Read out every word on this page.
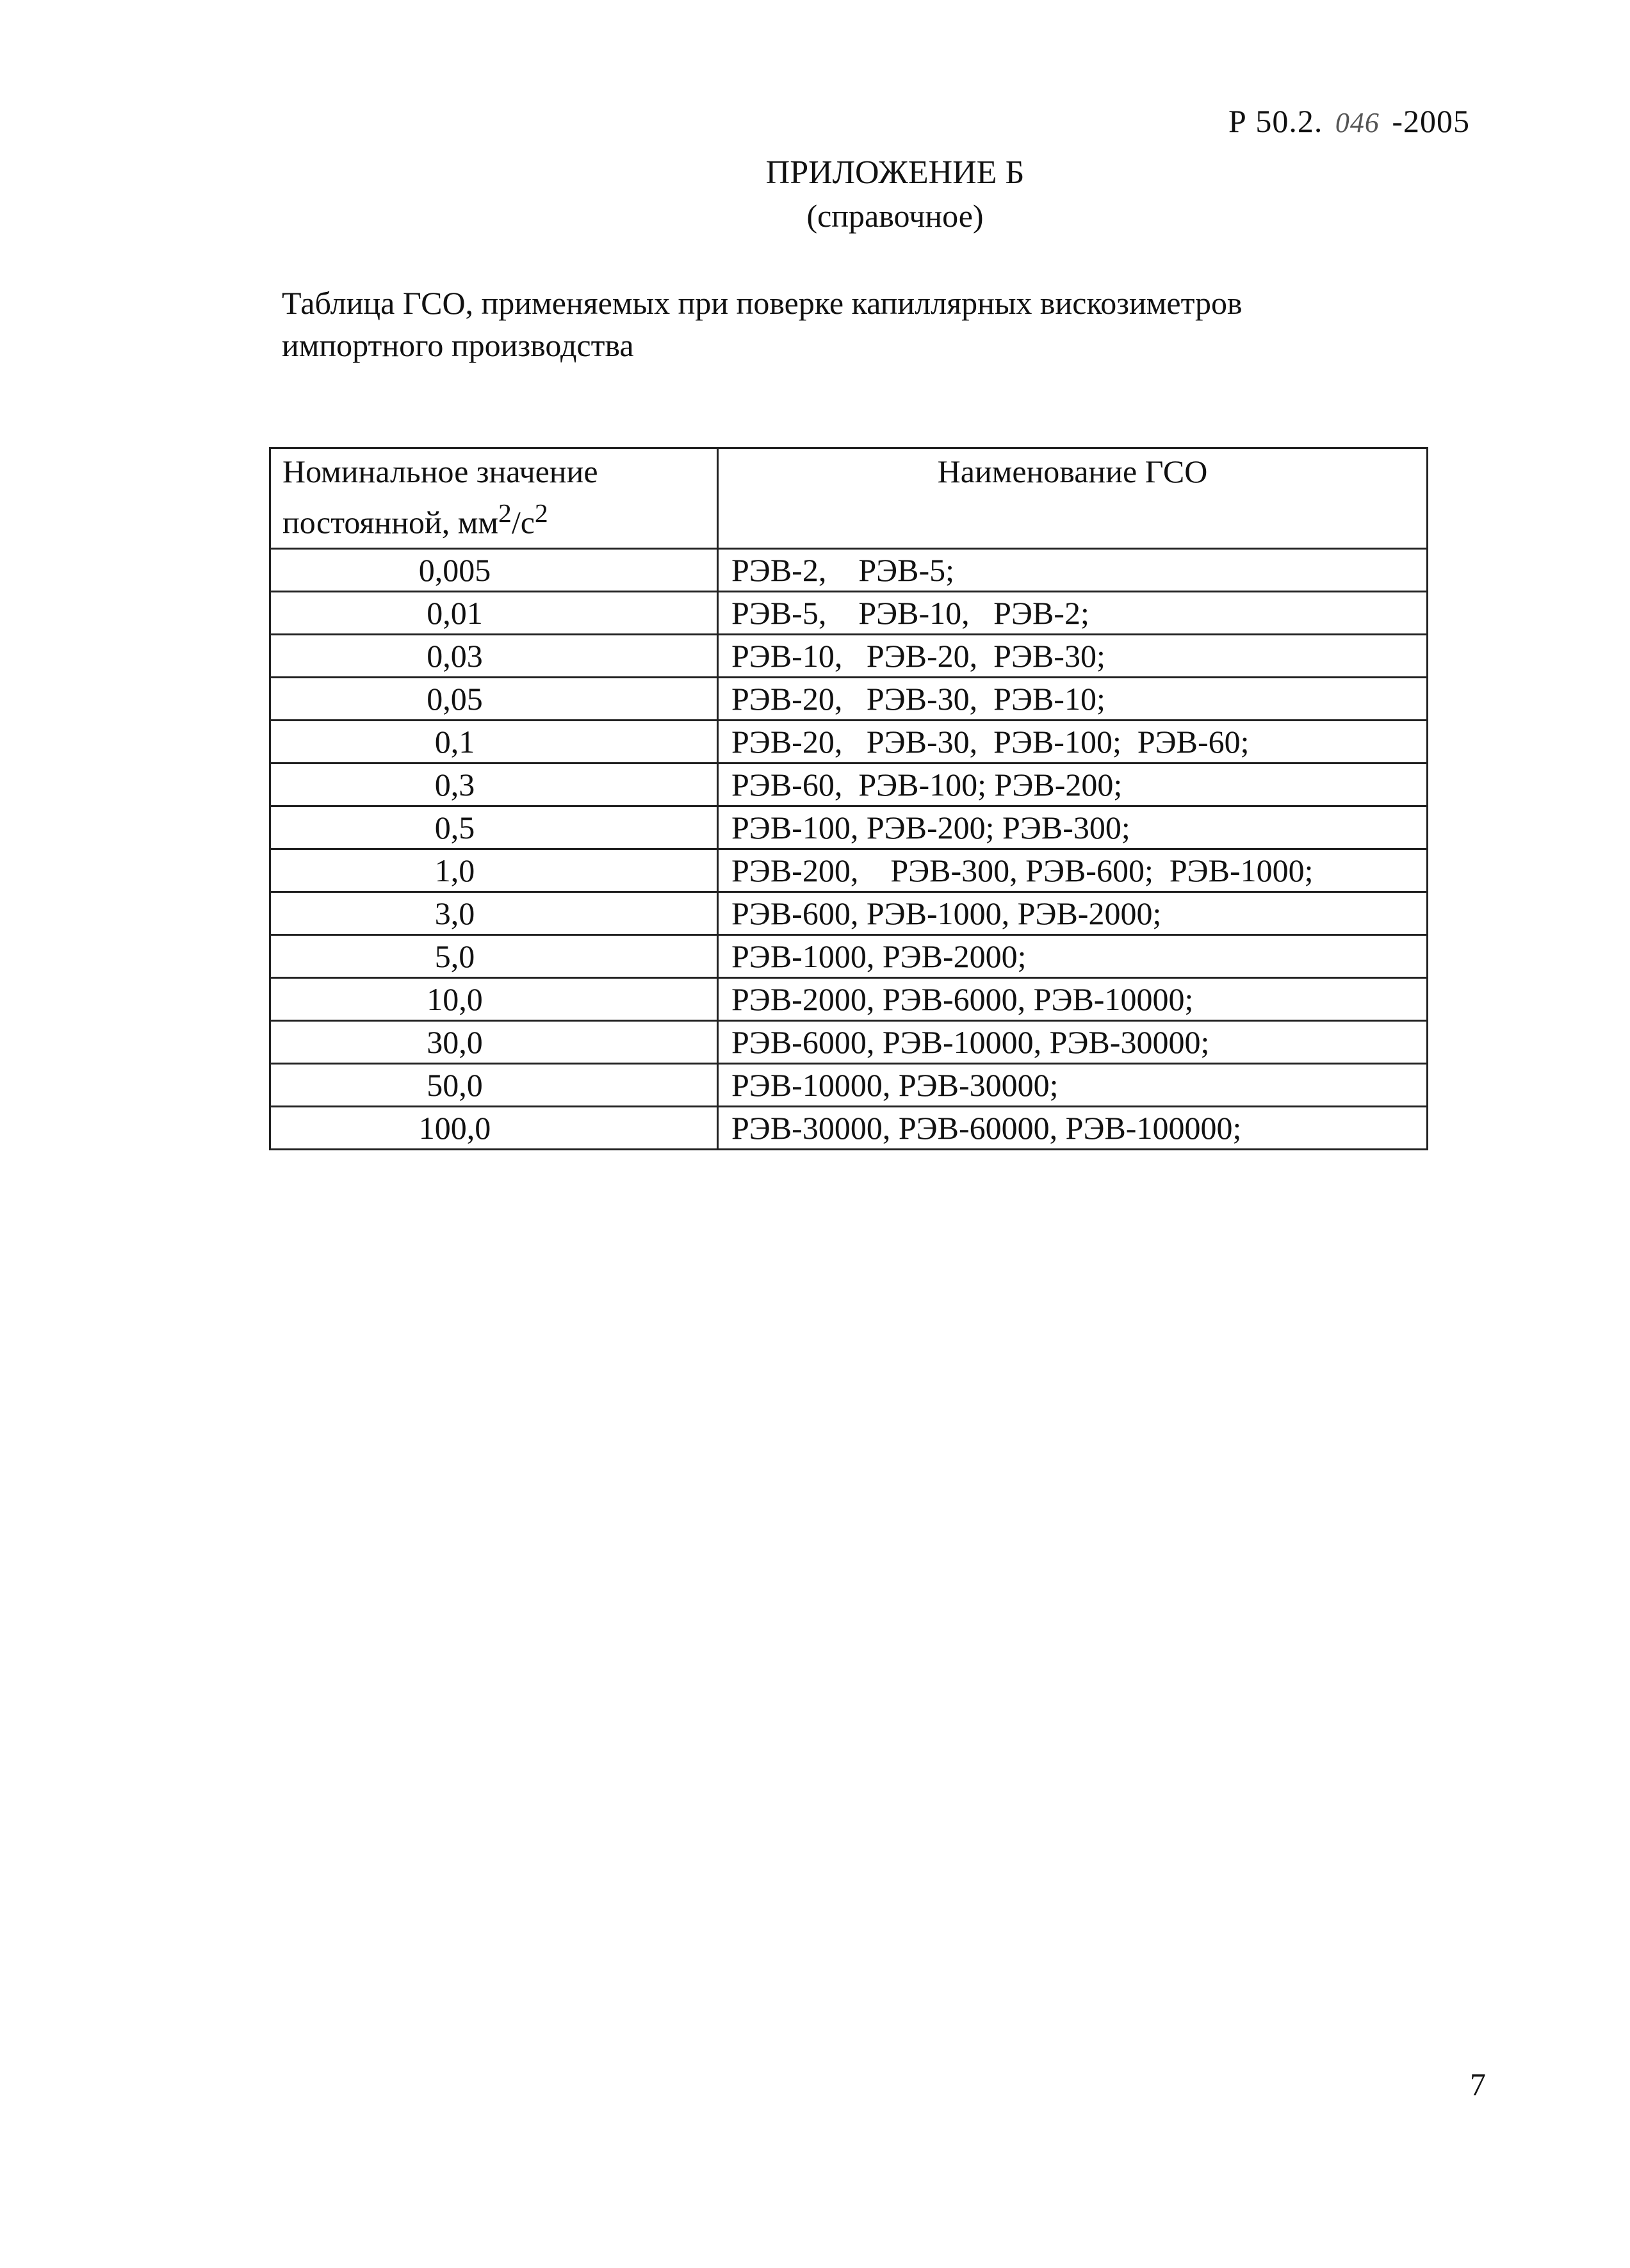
Р 50.2. 046 -2005
ПРИЛОЖЕНИЕ Б
(справочное)
Таблица ГСО, применяемых при поверке капиллярных вискозиметров
импортного производства
Номинальное значение
постоянной, $мм^2/с^2$	Наименование ГСО
0,005	РЭВ-2,    РЭВ-5;
0,01	РЭВ-5,    РЭВ-10,   РЭВ-2;
0,03	РЭВ-10,   РЭВ-20,  РЭВ-30;
0,05	РЭВ-20,   РЭВ-30,  РЭВ-10;
0,1	РЭВ-20,   РЭВ-30,  РЭВ-100;  РЭВ-60;
0,3	РЭВ-60,  РЭВ-100; РЭВ-200;
0,5	РЭВ-100, РЭВ-200; РЭВ-300;
1,0	РЭВ-200,    РЭВ-300, РЭВ-600;  РЭВ-1000;
3,0	РЭВ-600, РЭВ-1000, РЭВ-2000;
5,0	РЭВ-1000, РЭВ-2000;
10,0	РЭВ-2000, РЭВ-6000, РЭВ-10000;
30,0	РЭВ-6000, РЭВ-10000, РЭВ-30000;
50,0	РЭВ-10000, РЭВ-30000;
100,0	РЭВ-30000, РЭВ-60000, РЭВ-100000;
7
